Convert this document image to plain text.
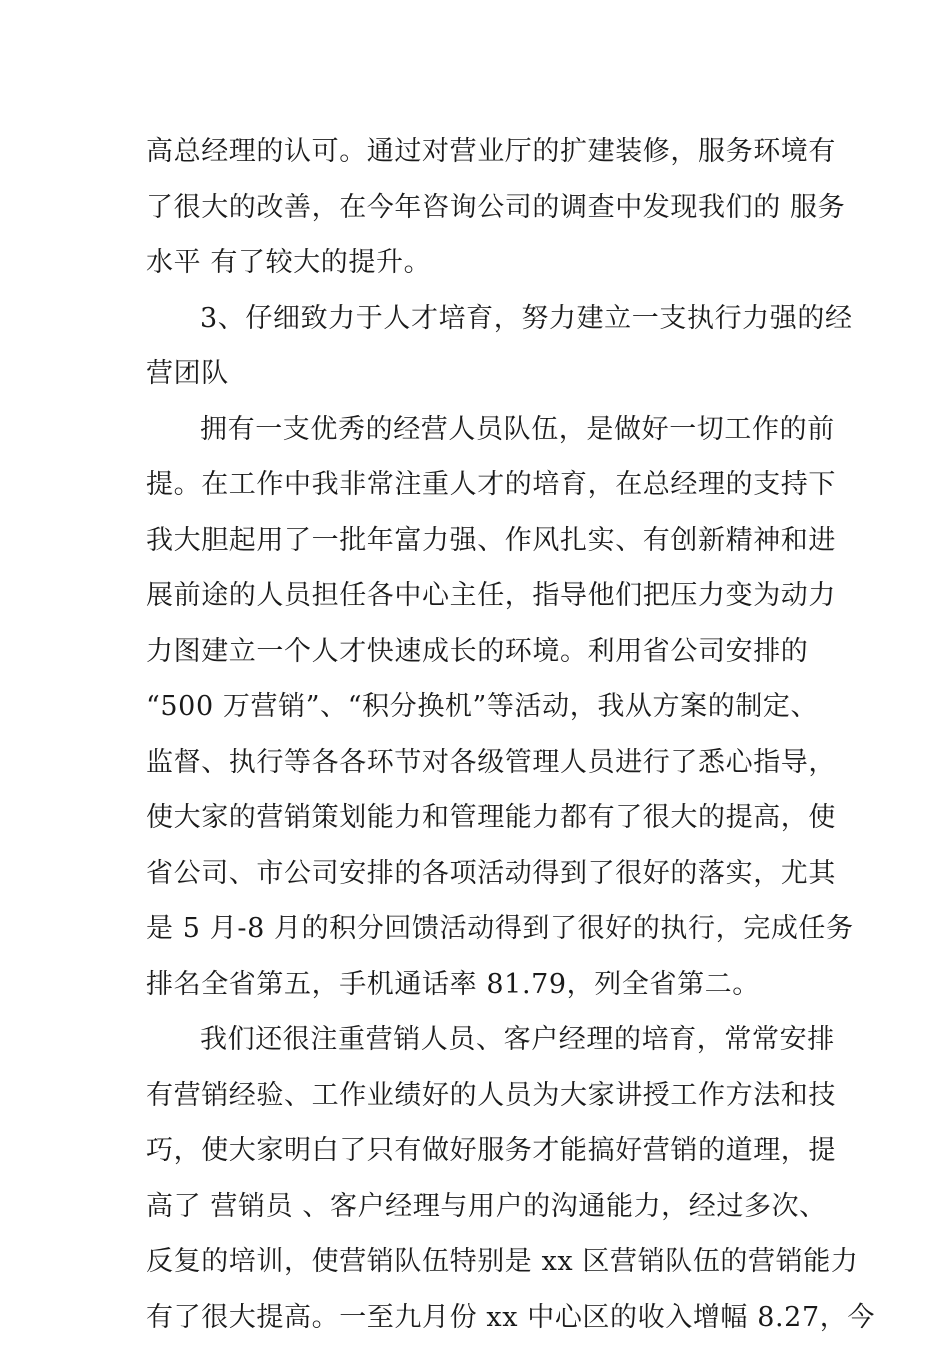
高总经理的认可。通过对营业厅的扩建装修，服务环境有
了很大的改善，在今年咨询公司的调查中发现我们的 服务
水平 有了较大的提升。
3、仔细致力于人才培育，努力建立一支执行力强的经
营团队
拥有一支优秀的经营人员队伍，是做好一切工作的前
提。在工作中我非常注重人才的培育，在总经理的支持下
我大胆起用了一批年富力强、作风扎实、有创新精神和进
展前途的人员担任各中心主任，指导他们把压力变为动力
力图建立一个人才快速成长的环境。利用省公司安排的
“500 万营销”、“积分换机”等活动，我从方案的制定、
监督、执行等各各环节对各级管理人员进行了悉心指导，
使大家的营销策划能力和管理能力都有了很大的提高，使
省公司、市公司安排的各项活动得到了很好的落实，尤其
是 5 月-8 月的积分回馈活动得到了很好的执行，完成任务
排名全省第五，手机通话率 81.79，列全省第二。
我们还很注重营销人员、客户经理的培育，常常安排
有营销经验、工作业绩好的人员为大家讲授工作方法和技
巧，使大家明白了只有做好服务才能搞好营销的道理，提
高了 营销员 、客户经理与用户的沟通能力，经过多次、
反复的培训，使营销队伍特别是 xx 区营销队伍的营销能力
有了很大提高。一至九月份 xx 中心区的收入增幅 8.27，今
